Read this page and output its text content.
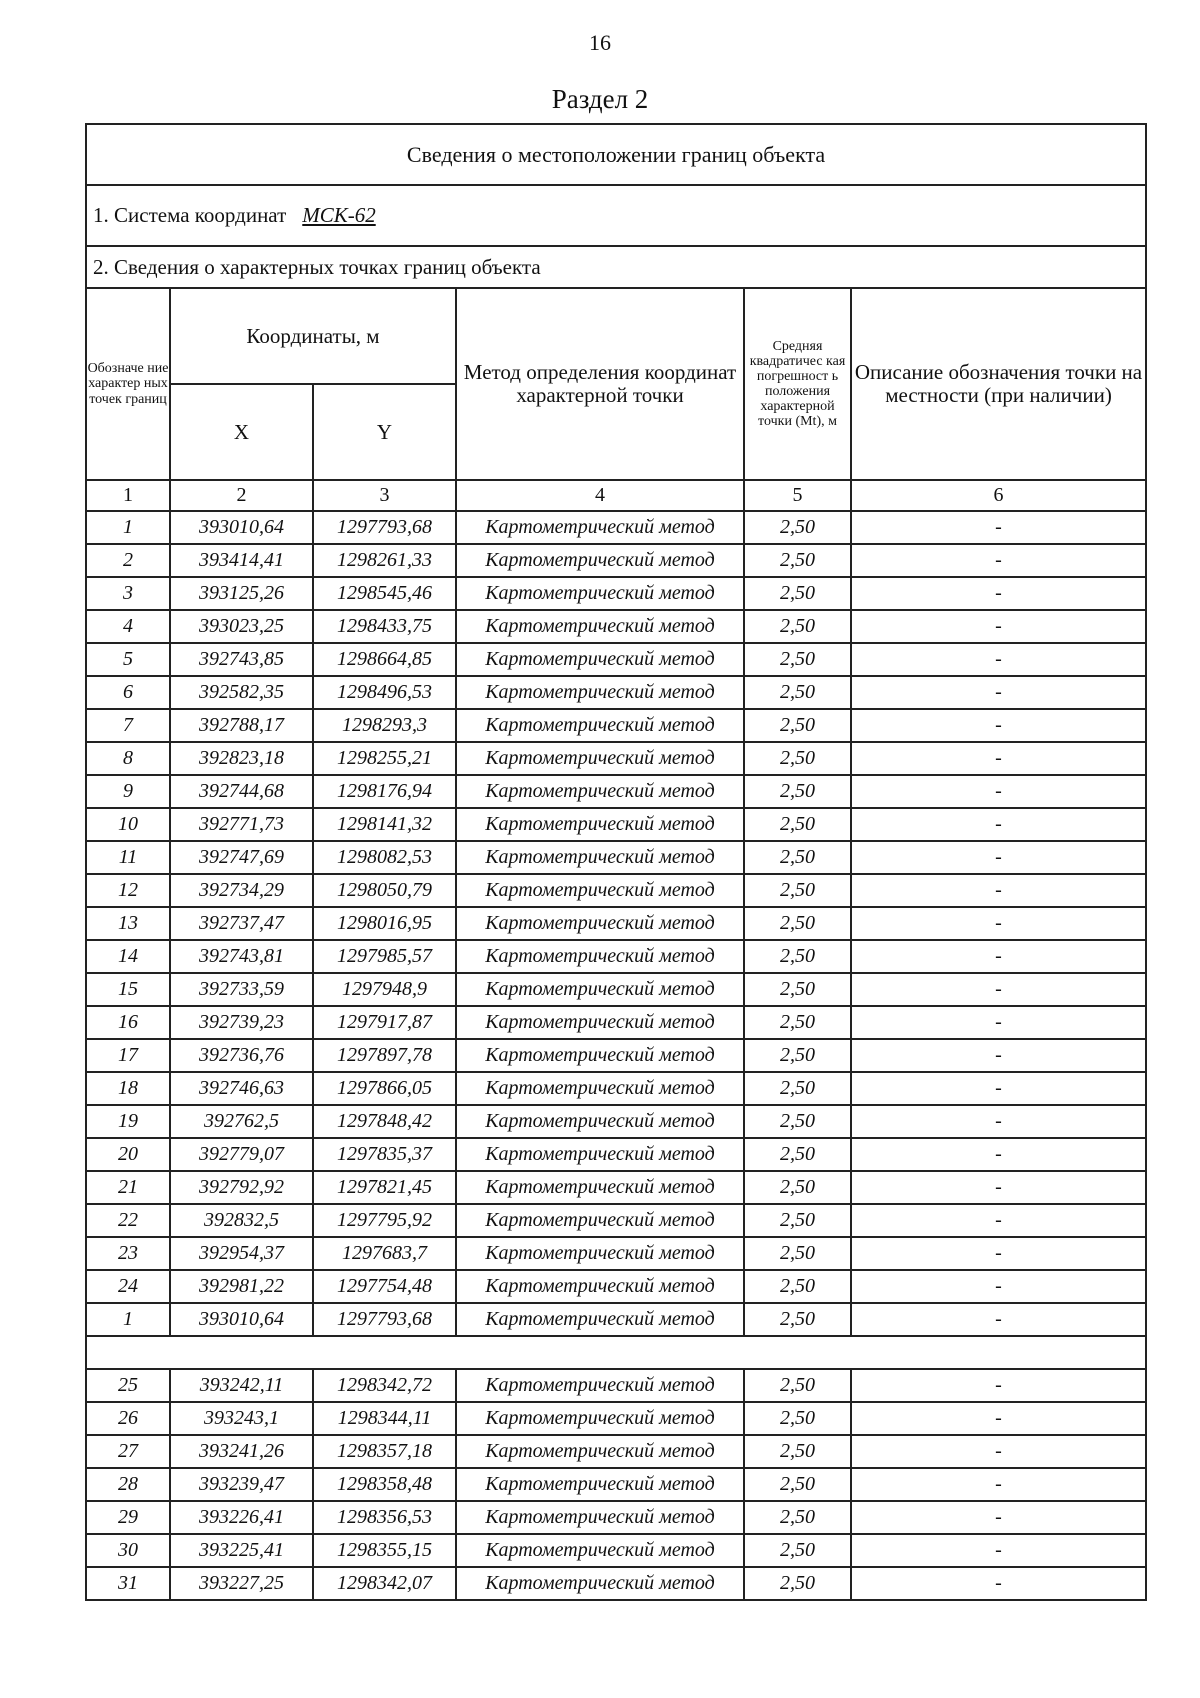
16
Раздел 2
Сведения о местоположении границ объекта					
1. Система координат МСК-62					
2. Сведения о характерных точках границ объекта					
Обозначе ние характер ных точек границ	Координаты, м		Метод определения координат характерной точки	Средняя квадратичес кая погрешност ь положения характерной точки (Mt), м	Описание обозначения точки на местности (при наличии)
	X	Y			
1	2	3	4	5	6
1	393010,64	1297793,68	Картометрический метод	2,50	-
2	393414,41	1298261,33	Картометрический метод	2,50	-
3	393125,26	1298545,46	Картометрический метод	2,50	-
4	393023,25	1298433,75	Картометрический метод	2,50	-
5	392743,85	1298664,85	Картометрический метод	2,50	-
6	392582,35	1298496,53	Картометрический метод	2,50	-
7	392788,17	1298293,3	Картометрический метод	2,50	-
8	392823,18	1298255,21	Картометрический метод	2,50	-
9	392744,68	1298176,94	Картометрический метод	2,50	-
10	392771,73	1298141,32	Картометрический метод	2,50	-
11	392747,69	1298082,53	Картометрический метод	2,50	-
12	392734,29	1298050,79	Картометрический метод	2,50	-
13	392737,47	1298016,95	Картометрический метод	2,50	-
14	392743,81	1297985,57	Картометрический метод	2,50	-
15	392733,59	1297948,9	Картометрический метод	2,50	-
16	392739,23	1297917,87	Картометрический метод	2,50	-
17	392736,76	1297897,78	Картометрический метод	2,50	-
18	392746,63	1297866,05	Картометрический метод	2,50	-
19	392762,5	1297848,42	Картометрический метод	2,50	-
20	392779,07	1297835,37	Картометрический метод	2,50	-
21	392792,92	1297821,45	Картометрический метод	2,50	-
22	392832,5	1297795,92	Картометрический метод	2,50	-
23	392954,37	1297683,7	Картометрический метод	2,50	-
24	392981,22	1297754,48	Картометрический метод	2,50	-
1	393010,64	1297793,68	Картометрический метод	2,50	-

25	393242,11	1298342,72	Картометрический метод	2,50	-
26	393243,1	1298344,11	Картометрический метод	2,50	-
27	393241,26	1298357,18	Картометрический метод	2,50	-
28	393239,47	1298358,48	Картометрический метод	2,50	-
29	393226,41	1298356,53	Картометрический метод	2,50	-
30	393225,41	1298355,15	Картометрический метод	2,50	-
31	393227,25	1298342,07	Картометрический метод	2,50	-
